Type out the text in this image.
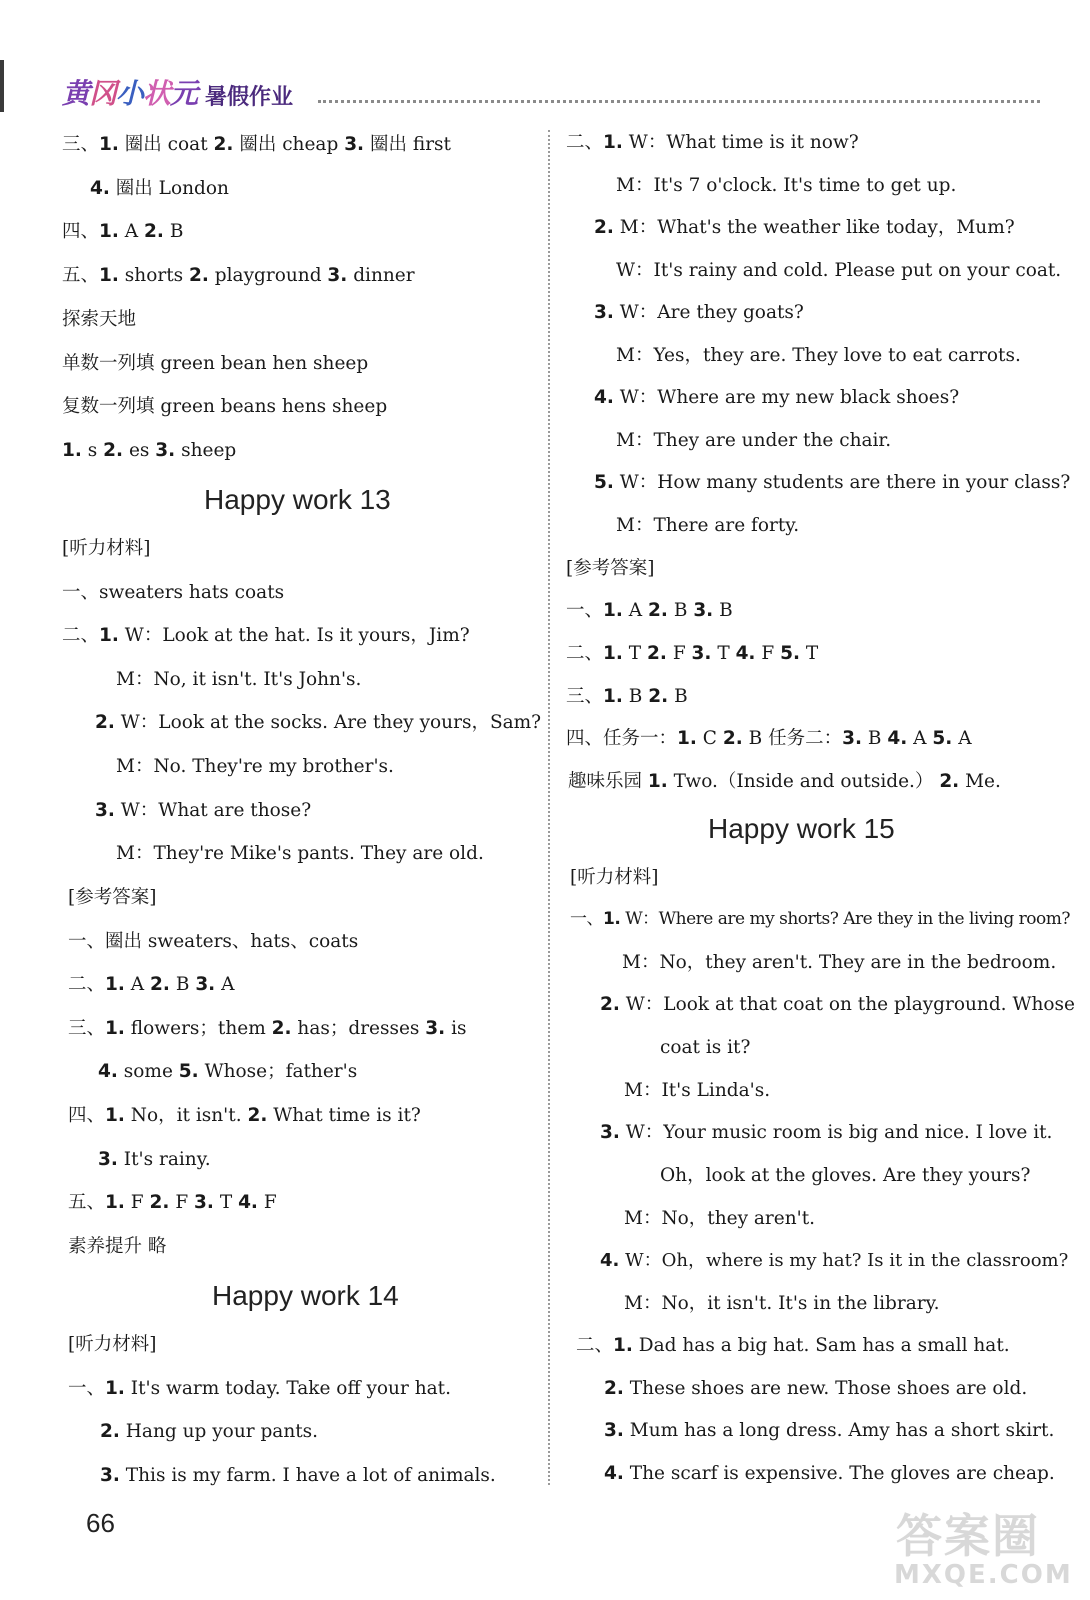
黄冈小状元 暑假作业
三、1. 圈出 coat 2. 圈出 cheap 3. 圈出 first
4. 圈出 London
四、1. A 2. B
五、1. shorts 2. playground 3. dinner
探索天地
单数一列填 green bean hen sheep
复数一列填 green beans hens sheep
1. s 2. es 3. sheep
Happy work 13
[听力材料]
一、sweaters hats coats
二、1. W：Look at the hat. Is it yours，Jim?
M：No, it isn't. It's John's.
2. W：Look at the socks. Are they yours，Sam?
M：No. They're my brother's.
3. W：What are those?
M：They're Mike's pants. They are old.
[参考答案]
一、圈出 sweaters、hats、coats
二、1. A 2. B 3. A
三、1. flowers；them 2. has；dresses 3. is
4. some 5. Whose；father's
四、1. No，it isn't. 2. What time is it?
3. It's rainy.
五、1. F 2. F 3. T 4. F
素养提升 略
Happy work 14
[听力材料]
一、1. It's warm today. Take off your hat.
2. Hang up your pants.
3. This is my farm. I have a lot of animals.
二、1. W：What time is it now?
M：It's 7 o'clock. It's time to get up.
2. M：What's the weather like today，Mum?
W：It's rainy and cold. Please put on your coat.
3. W：Are they goats?
M：Yes，they are. They love to eat carrots.
4. W：Where are my new black shoes?
M：They are under the chair.
5. W：How many students are there in your class?
M：There are forty.
[参考答案]
一、1. A 2. B 3. B
二、1. T 2. F 3. T 4. F 5. T
三、1. B 2. B
四、任务一：1. C 2. B 任务二：3. B 4. A 5. A
趣味乐园 1. Two.（Inside and outside.） 2. Me.
Happy work 15
[听力材料]
一、1. W：Where are my shorts? Are they in the living room?
M：No，they aren't. They are in the bedroom.
2. W：Look at that coat on the playground. Whose
coat is it?
M：It's Linda's.
3. W：Your music room is big and nice. I love it.
Oh，look at the gloves. Are they yours?
M：No，they aren't.
4. W：Oh，where is my hat? Is it in the classroom?
M：No，it isn't. It's in the library.
二、1. Dad has a big hat. Sam has a small hat.
2. These shoes are new. Those shoes are old.
3. Mum has a long dress. Amy has a short skirt.
4. The scarf is expensive. The gloves are cheap.
66	答案圈
MXQE.COM
